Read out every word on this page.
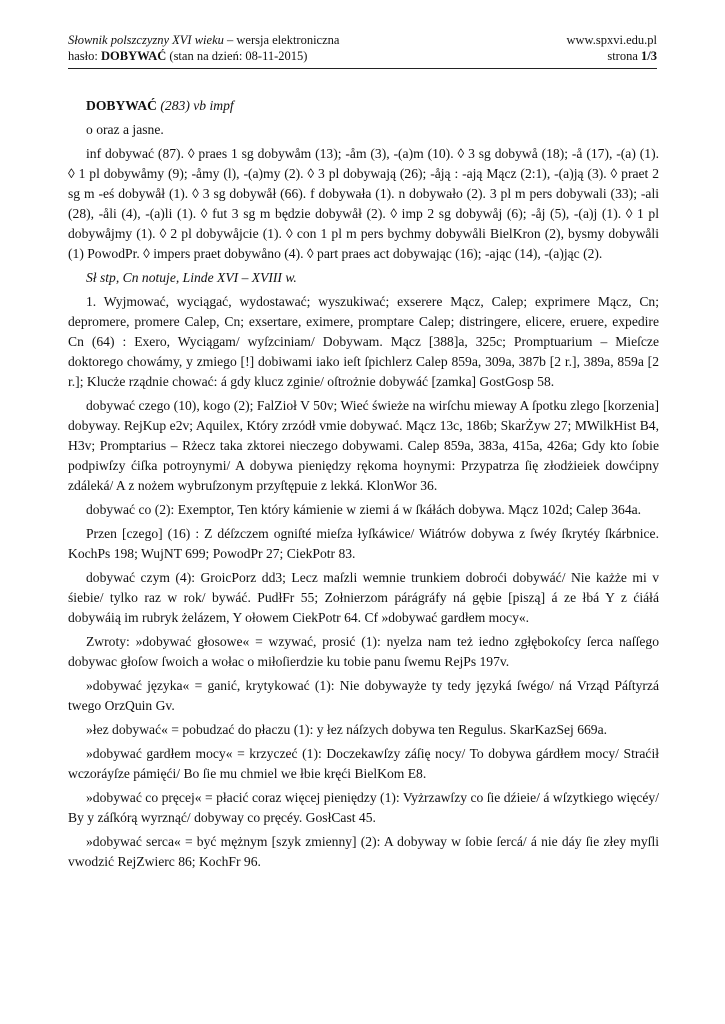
Słownik polszczyzny XVI wieku – wersja elektroniczna	www.spxvi.edu.pl
hasło: DOBYWAĆ (stan na dzień: 08-11-2015)	strona 1/3

DOBYWAĆ (283) vb impf

o oraz a jasne.

inf dobywać (87). ◊ praes 1 sg dobywåm (13); -åm (3), -(a)m (10). ◊ 3 sg dobywå (18); -å (17), -(a) (1). ◊ 1 pl dobywåmy (9); -åmy (l), -(a)my (2). ◊ 3 pl dobywają (26); -åją : -ają Mącz (2:1), -(a)ją (3). ◊ praet 2 sg m -eś dobywåł (1). ◊ 3 sg dobywåł (66). f dobywała (1). n dobywało (2). 3 pl m pers dobywali (33); -ali (28), -åli (4), -(a)li (1). ◊ fut 3 sg m będzie dobywåł (2). ◊ imp 2 sg dobywåj (6); -åj (5), -(a)j (1). ◊ 1 pl dobywåjmy (1). ◊ 2 pl dobywåjcie (1). ◊ con 1 pl m pers bychmy dobywåli BielKron (2), bysmy dobywåli (1) PowodPr. ◊ impers praet dobywåno (4). ◊ part praes act dobywając (16); -ając (14), -(a)jąc (2).

Sł stp, Cn notuje, Linde XVI – XVIII w.

1. Wyjmować, wyciągać, wydostawać; wyszukiwać; exserere Mącz, Calep; exprimere Mącz, Cn; depromere, promere Calep, Cn; exsertare, eximere, promptare Calep; distringere, elicere, eruere, expedire Cn (64) : Exero, Wyciągam/ wyſzciniam/ Dobywam. Mącz [388]a, 325c; Promptuarium – Mieſcze doktorego chowámy, y zmiego [!] dobiwami iako ieſt ſpichlerz Calep 859a, 309a, 387b [2 r.], 389a, 859a [2 r.]; Klucże rządnie chować: á gdy klucz zginie/ oſtrożnie dobywáć [zamka] GostGosp 58.

dobywać czego (10), kogo (2); FalZioł V 50v; Wieć świeże na wirſchu mieway A ſpotku zlego [korzenia] dobyway. RejKup e2v; Aquilex, Który zrzódł vmie dobywać. Mącz 13c, 186b; SkarŻyw 27; MWilkHist B4, H3v; Promptarius – Rżecz taka zktorei nieczego dobywami. Calep 859a, 383a, 415a, 426a; Gdy kto ſobie podpiwſzy ćiſka potroynymi/ A dobywa pieniędzy rękoma hoynymi: Przypatrza ſię złodżieiek dowćipny zdáleká/ A z nożem wybruſzonym przyſtępuie z lekká. KlonWor 36.

dobywać co (2): Exemptor, Ten który kámienie w ziemi á w ſkáłách dobywa. Mącz 102d; Calep 364a.

Przen [czego] (16) : Z déſzczem ogniſté mieſza łyſkáwice/ Wiátrów dobywa z ſwéy ſkrytéy ſkárbnice. KochPs 198; WujNT 699; PowodPr 27; CiekPotr 83.

dobywać czym (4): GroicPorz dd3; Lecz maſzli wemnie trunkiem dobroći dobywáć/ Nie każże mi v śiebie/ tylko raz w rok/ bywáć. PudłFr 55; Zołnierzom párágráfy ná gębie [piszą] á ze łbá Y z ćiáłá dobywáią im rubryk żelázem, Y ołowem CiekPotr 64. Cf »dobywać gardłem mocy«.

Zwroty: »dobywać głosowe« = wzywać, prosić (1): nyelza nam też iedno zgłębokoſcy ſerca naſſego dobywac głoſow ſwoich a wołac o miłoſierdzie ku tobie panu ſwemu RejPs 197v.

»dobywać języka« = ganić, krytykować (1): Nie dobywayże ty tedy języká ſwégo/ ná Vrząd Páſtyrzá twego OrzQuin Gv.

»łez dobywać« = pobudzać do płaczu (1): y łez náſzych dobywa ten Regulus. SkarKazSej 669a.

»dobywać gardłem mocy« = krzyczeć (1): Doczekawſzy záſię nocy/ To dobywa gárdłem mocy/ Straćił wczoráyſze pámięći/ Bo ſie mu chmiel we łbie kręći BielKom E8.

»dobywać co pręcej« = płacić coraz więcej pieniędzy (1): Vyżrzawſzy co ſie dźieie/ á wſzytkiego więcéy/ By y záſkórą wyrznąć/ dobyway co pręcéy. GosłCast 45.

»dobywać serca« = być mężnym [szyk zmienny] (2): A dobyway w ſobie ſercá/ á nie dáy ſie złey myſli vwodzić RejZwierc 86; KochFr 96.
